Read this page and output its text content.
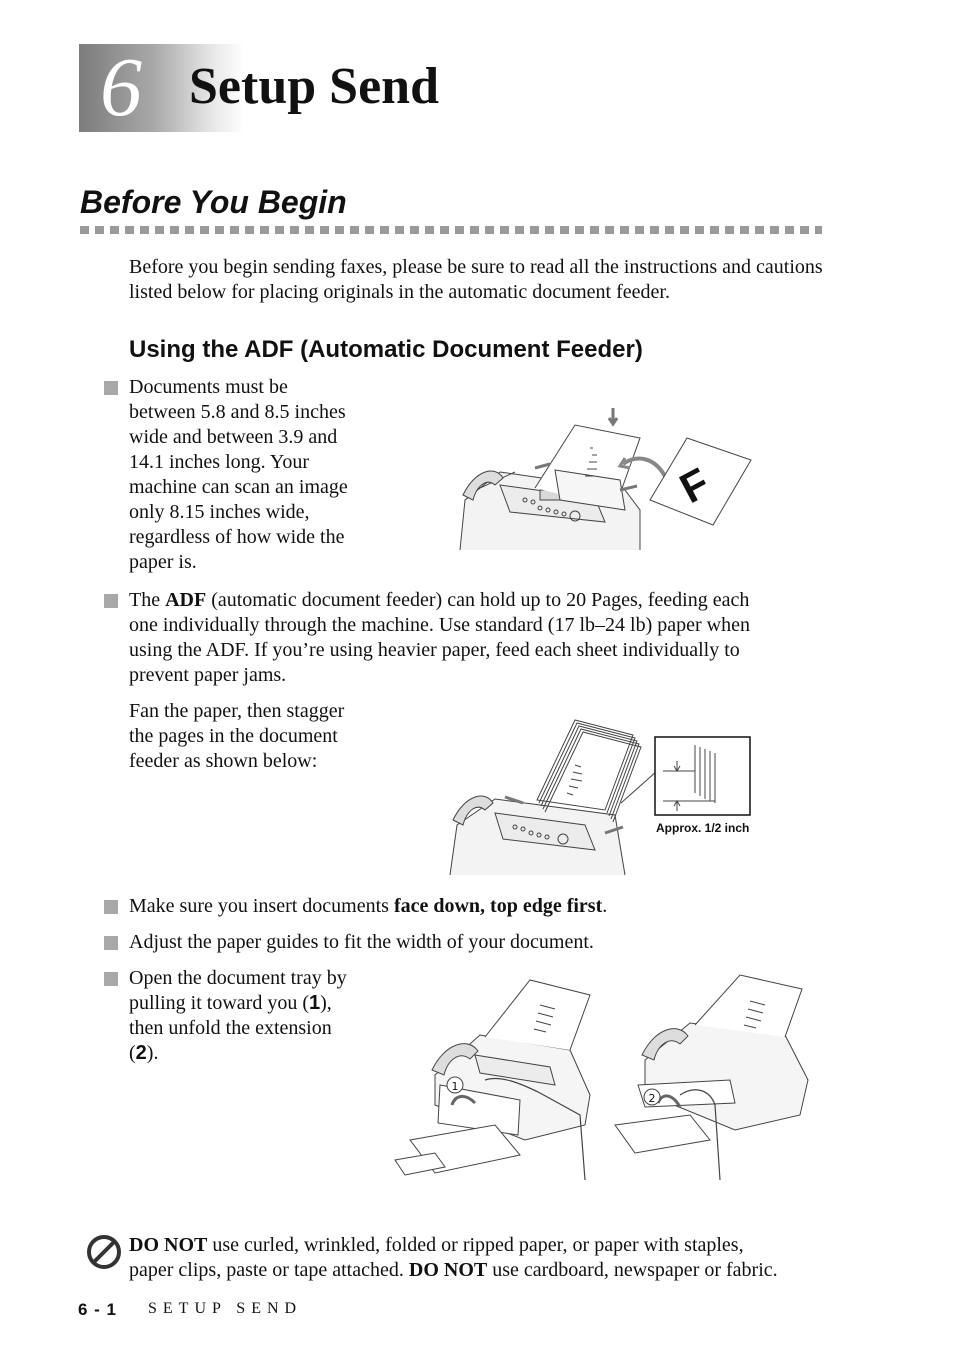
6 Setup Send
Before You Begin
Before you begin sending faxes, please be sure to read all the instructions and cautions listed below for placing originals in the automatic document feeder.
Using the ADF (Automatic Document Feeder)
Documents must be
between 5.8 and 8.5 inches
wide and between 3.9 and
14.1 inches long. Your
machine can scan an image
only 8.15 inches wide,
regardless of how wide the
paper is.
F
The ADF (automatic document feeder) can hold up to 20 Pages, feeding each
one individually through the machine. Use standard (17 lb–24 lb) paper when
using the ADF. If you’re using heavier paper, feed each sheet individually to
prevent paper jams.
Fan the paper, then stagger
the pages in the document
feeder as shown below:
Approx. 1/2 inch
Make sure you insert documents face down, top edge first.
Adjust the paper guides to fit the width of your document.
Open the document tray by
pulling it toward you (1),
then unfold the extension
(2).
1
2
DO NOT use curled, wrinkled, folded or ripped paper, or paper with staples,
paper clips, paste or tape attached. DO NOT use cardboard, newspaper or fabric.
6 - 1 SETUP SEND
